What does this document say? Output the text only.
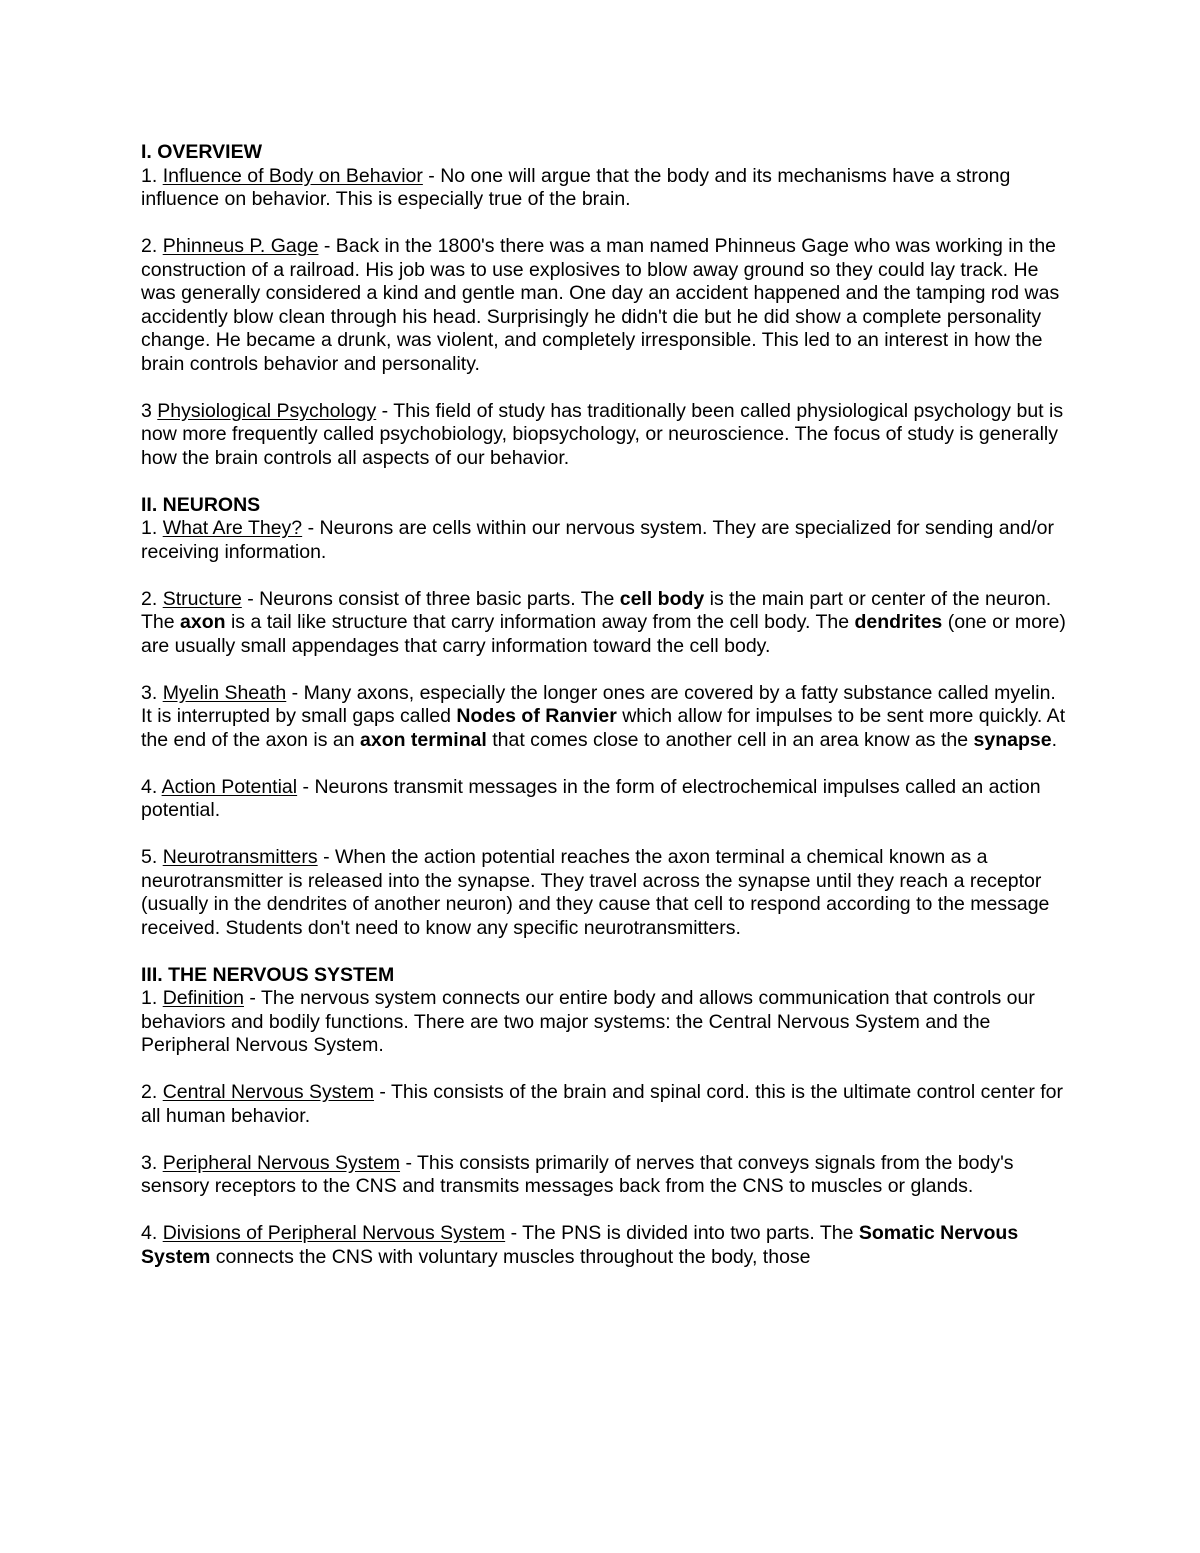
I. OVERVIEW
1. Influence of Body on Behavior - No one will argue that the body and its mechanisms have a strong influence on behavior. This is especially true of the brain.
2. Phinneus P. Gage - Back in the 1800's there was a man named Phinneus Gage who was working in the construction of a railroad. His job was to use explosives to blow away ground so they could lay track. He was generally considered a kind and gentle man. One day an accident happened and the tamping rod was accidently blow clean through his head. Surprisingly he didn't die but he did show a complete personality change. He became a drunk, was violent, and completely irresponsible. This led to an interest in how the brain controls behavior and personality.
3 Physiological Psychology - This field of study has traditionally been called physiological psychology but is now more frequently called psychobiology, biopsychology, or neuroscience. The focus of study is generally how the brain controls all aspects of our behavior.
II. NEURONS
1. What Are They? - Neurons are cells within our nervous system. They are specialized for sending and/or receiving information.
2. Structure - Neurons consist of three basic parts. The cell body is the main part or center of the neuron. The axon is a tail like structure that carry information away from the cell body. The dendrites (one or more) are usually small appendages that carry information toward the cell body.
3. Myelin Sheath - Many axons, especially the longer ones are covered by a fatty substance called myelin. It is interrupted by small gaps called Nodes of Ranvier which allow for impulses to be sent more quickly. At the end of the axon is an axon terminal that comes close to another cell in an area know as the synapse.
4. Action Potential - Neurons transmit messages in the form of electrochemical impulses called an action potential.
5. Neurotransmitters - When the action potential reaches the axon terminal a chemical known as a neurotransmitter is released into the synapse. They travel across the synapse until they reach a receptor (usually in the dendrites of another neuron) and they cause that cell to respond according to the message received. Students don't need to know any specific neurotransmitters.
III. THE NERVOUS SYSTEM
1. Definition - The nervous system connects our entire body and allows communication that controls our behaviors and bodily functions. There are two major systems: the Central Nervous System and the Peripheral Nervous System.
2. Central Nervous System - This consists of the brain and spinal cord. this is the ultimate control center for all human behavior.
3. Peripheral Nervous System - This consists primarily of nerves that conveys signals from the body's sensory receptors to the CNS and transmits messages back from the CNS to muscles or glands.
4. Divisions of Peripheral Nervous System - The PNS is divided into two parts. The Somatic Nervous System connects the CNS with voluntary muscles throughout the body, those
